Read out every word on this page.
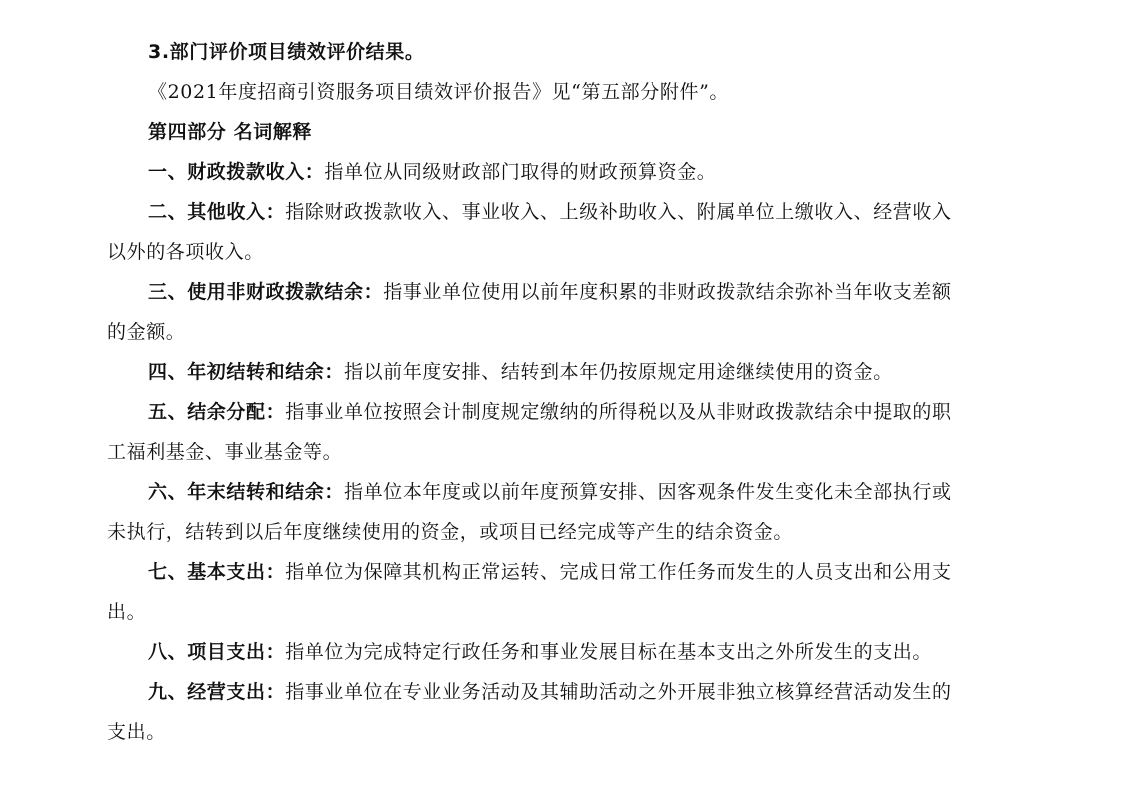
3.部门评价项目绩效评价结果。
《2021年度招商引资服务项目绩效评价报告》见“第五部分附件”。
第四部分 名词解释
一、财政拨款收入：指单位从同级财政部门取得的财政预算资金。
二、其他收入：指除财政拨款收入、事业收入、上级补助收入、附属单位上缴收入、经营收入
以外的各项收入。
三、使用非财政拨款结余：指事业单位使用以前年度积累的非财政拨款结余弥补当年收支差额
的金额。
四、年初结转和结余：指以前年度安排、结转到本年仍按原规定用途继续使用的资金。
五、结余分配：指事业单位按照会计制度规定缴纳的所得税以及从非财政拨款结余中提取的职
工福利基金、事业基金等。
六、年末结转和结余：指单位本年度或以前年度预算安排、因客观条件发生变化未全部执行或
未执行，结转到以后年度继续使用的资金，或项目已经完成等产生的结余资金。
七、基本支出：指单位为保障其机构正常运转、完成日常工作任务而发生的人员支出和公用支
出。
八、项目支出：指单位为完成特定行政任务和事业发展目标在基本支出之外所发生的支出。
九、经营支出：指事业单位在专业业务活动及其辅助活动之外开展非独立核算经营活动发生的
支出。
